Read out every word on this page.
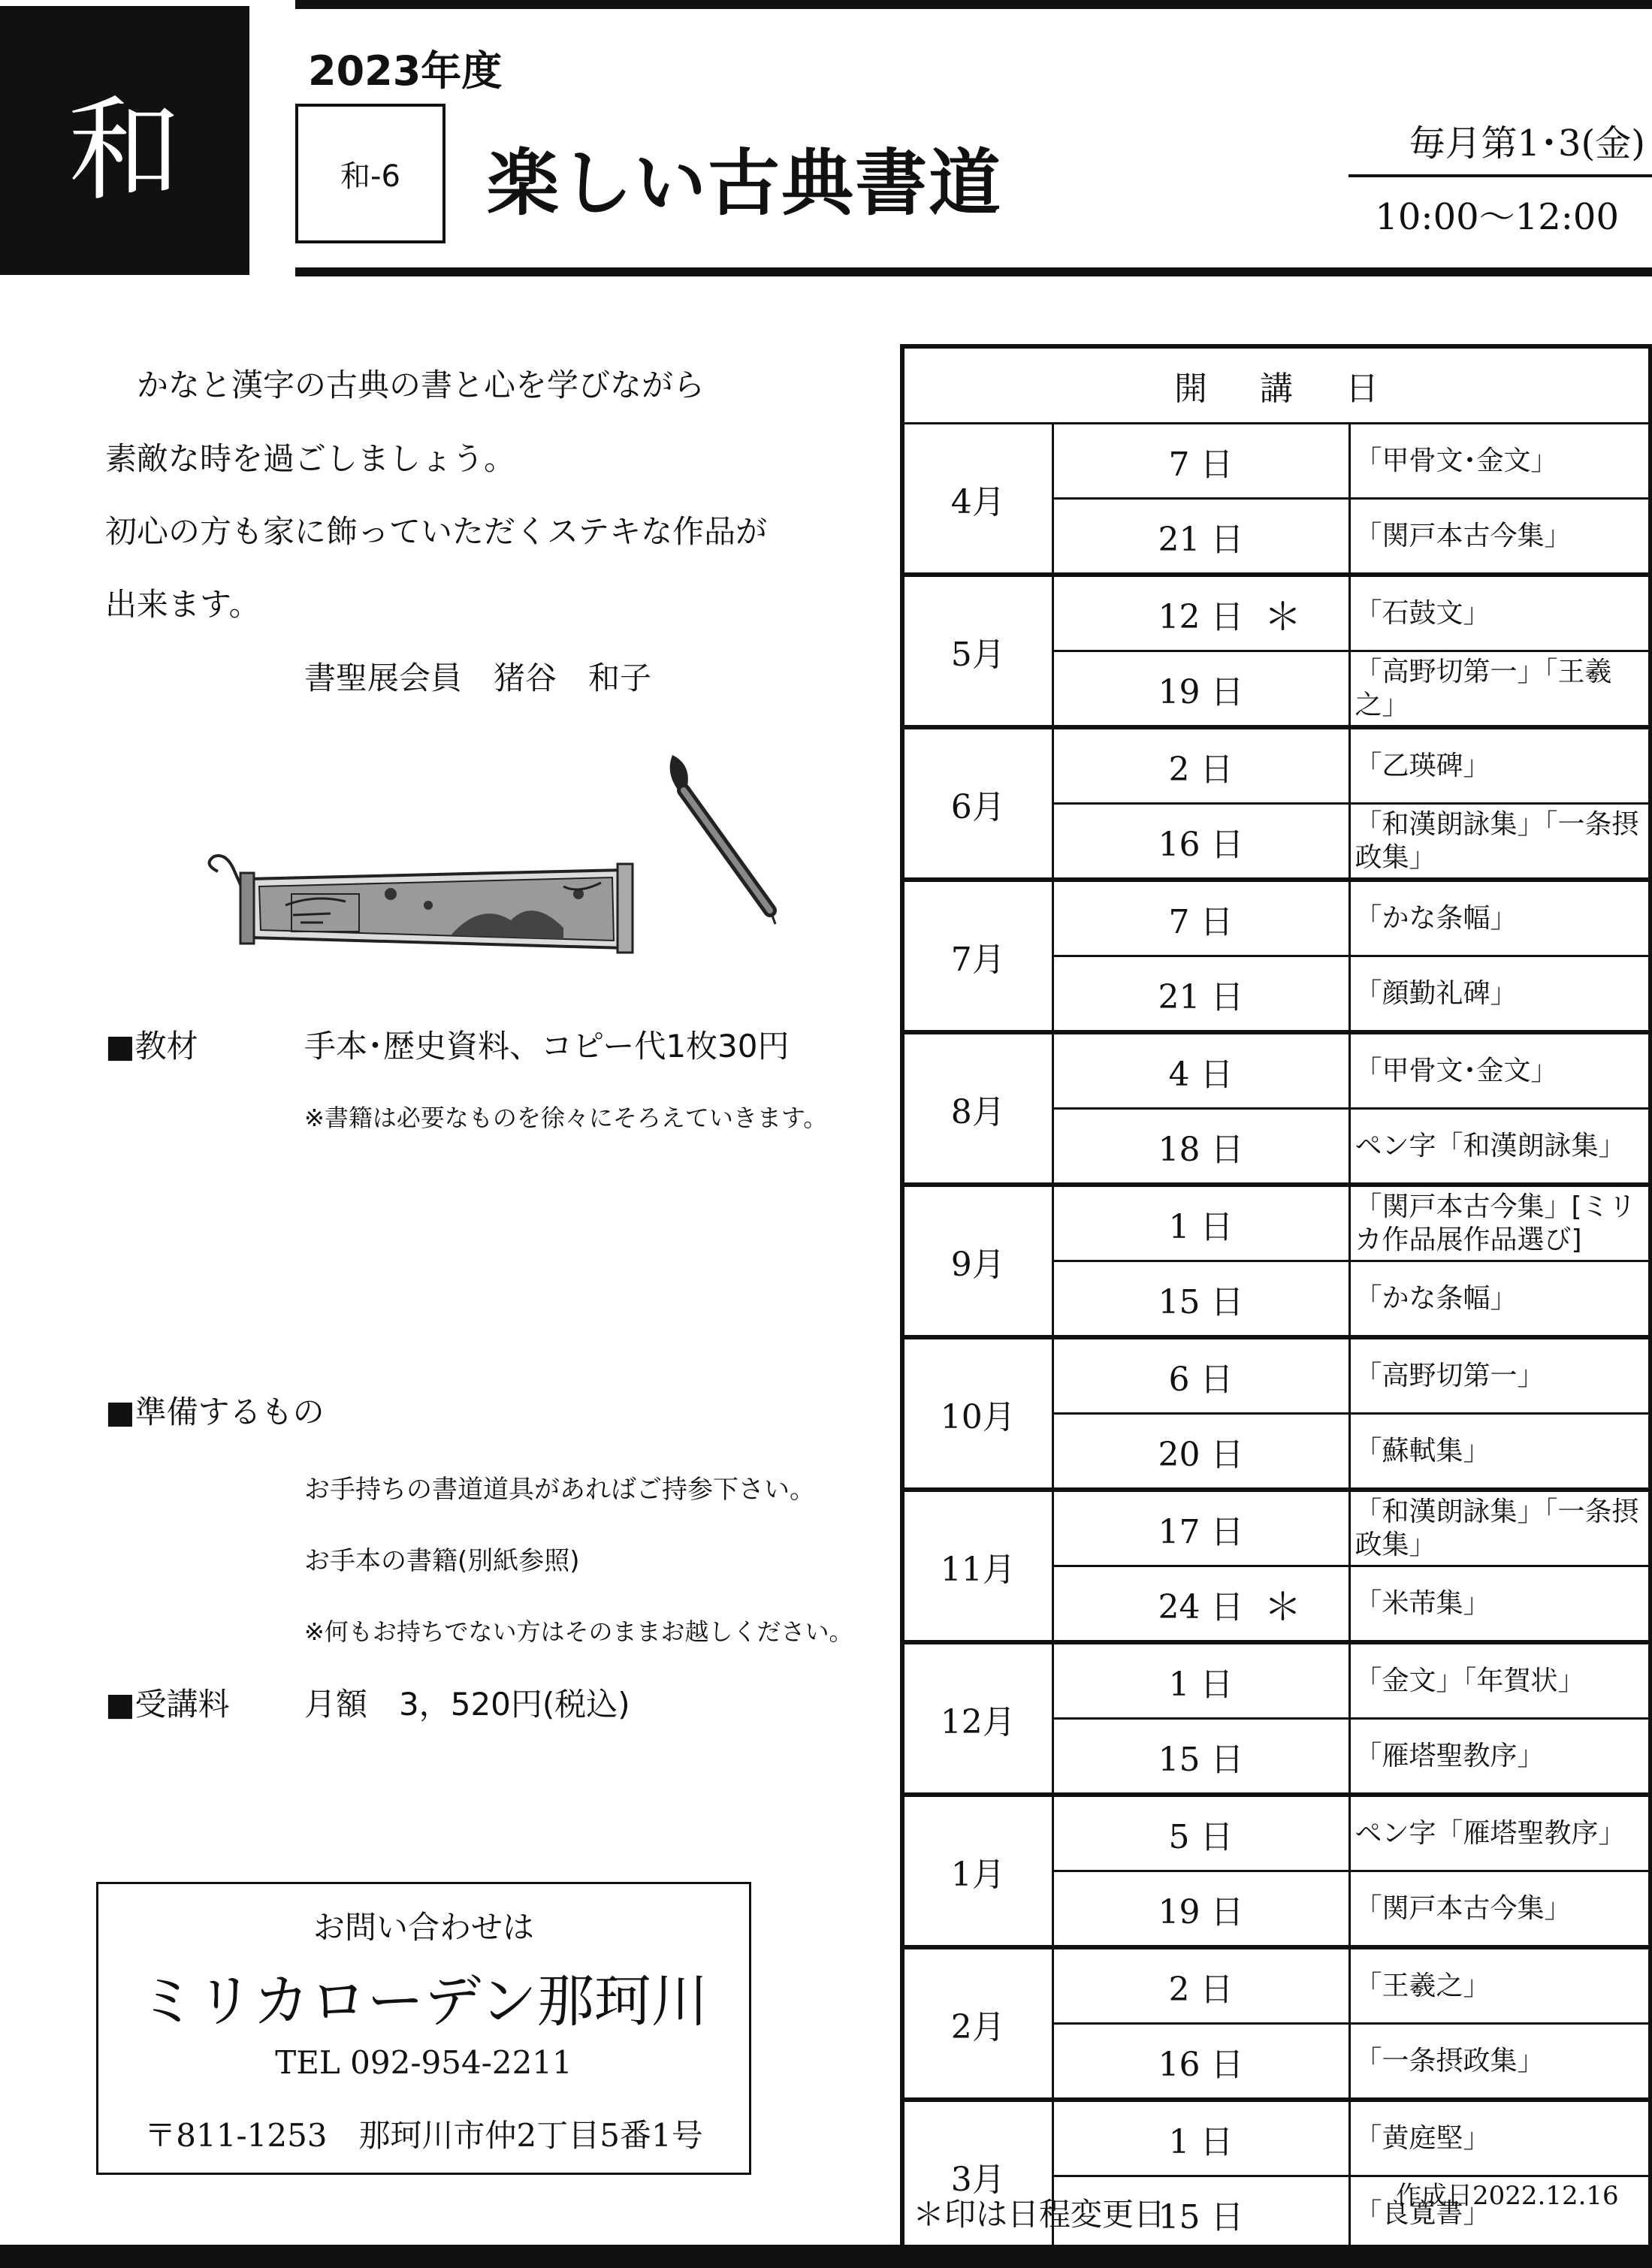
和
2023年度
和-6	楽しい古典書道	毎月第1･3(金)
10:00～12:00
　かなと漢字の古典の書と心を学びながら
素敵な時を過ごしましょう。
初心の方も家に飾っていただくステキな作品が
出来ます。
書聖展会員　猪谷　和子
■教材	手本･歴史資料、コピー代1枚30円
※書籍は必要なものを徐々にそろえていきます。
■準備するもの
お手持ちの書道道具があればご持参下さい。
お手本の書籍(別紙参照)
※何もお持ちでない方はそのままお越しください。
■受講料 月額　3，520円(税込)
お問い合わせは
ミリカローデン那珂川
TEL 092-954-2211
〒811-1253　那珂川市仲2丁目5番1号
開講日		
4月	7 日	「甲骨文･金文」
	21 日	「関戸本古今集」
5月	12 日 ＊	「石鼓文」
	19 日	「高野切第一」「王羲之」
6月	2 日	「乙瑛碑」
	16 日	「和漢朗詠集」「一条摂政集」
7月	7 日	「かな条幅」
	21 日	「顔勤礼碑」
8月	4 日	「甲骨文･金文」
	18 日	ペン字「和漢朗詠集」
9月	1 日	「関戸本古今集」[ミリカ作品展作品選び]
	15 日	「かな条幅」
10月	6 日	「高野切第一」
	20 日	「蘇軾集」
11月	17 日	「和漢朗詠集」「一条摂政集」
	24 日 ＊	「米芾集」
12月	1 日	「金文」「年賀状」
	15 日	「雁塔聖教序」
1月	5 日	ペン字「雁塔聖教序」
	19 日	「関戸本古今集」
2月	2 日	「王羲之」
	16 日	「一条摂政集」
3月	1 日	「黄庭堅」
	15 日	「良寛書」
＊印は日程変更日	作成日2022.12.16
